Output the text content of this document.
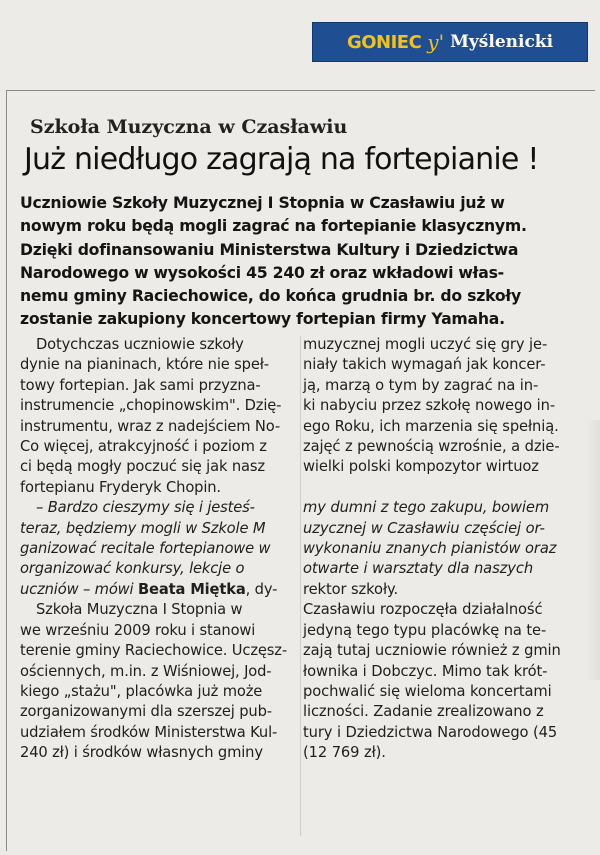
GONIEC y' Myślenicki
Szkoła Muzyczna w Czasławiu
Już niedługo zagrają na fortepianie !
Uczniowie Szkoły Muzycznej I Stopnia w Czasławiu już w
nowym roku będą mogli zagrać na fortepianie klasycznym.
Dzięki dofinansowaniu Ministerstwa Kultury i Dziedzictwa
Narodowego w wysokości 45 240 zł oraz wkładowi włas-
nemu gminy Raciechowice, do końca grudnia br. do szkoły
zostanie zakupiony koncertowy fortepian firmy Yamaha.
Dotychczas uczniowie szkoły
dynie na pianinach, które nie speł-
towy fortepian. Jak sami przyzna-
instrumencie „chopinowskim". Dzię-
instrumentu, wraz z nadejściem No-
Co więcej, atrakcyjność i poziom z
ci będą mogły poczuć się jak nasz
fortepianu Fryderyk Chopin.
– Bardzo cieszymy się i jesteś-
teraz, będziemy mogli w Szkole M
ganizować recitale fortepianowe w
organizować konkursy, lekcje o
uczniów – mówi Beata Miętka, dy-
Szkoła Muzyczna I Stopnia w
we wrześniu 2009 roku i stanowi
terenie gminy Raciechowice. Uczęsz-
ościennych, m.in. z Wiśniowej, Jod-
kiego „stażu", placówka już może
zorganizowanymi dla szerszej pub-
udziałem środków Ministerstwa Kul-
240 zł) i środków własnych gminy
muzycznej mogli uczyć się gry je-
niały takich wymagań jak koncer-
ją, marzą o tym by zagrać na in-
ki nabyciu przez szkołę nowego in-
ego Roku, ich marzenia się spełnią.
zajęć z pewnością wzrośnie, a dzie-
wielki polski kompozytor wirtuoz

my dumni z tego zakupu, bowiem
uzycznej w Czasławiu częściej or-
wykonaniu znanych pianistów oraz
otwarte i warsztaty dla naszych
rektor szkoły.
Czasławiu rozpoczęła działalność
jedyną tego typu placówkę na te-
zają tutaj uczniowie również z gmin
łownika i Dobczyc. Mimo tak krót-
pochwalić się wieloma koncertami
liczności. Zadanie zrealizowano z
tury i Dziedzictwa Narodowego (45
(12 769 zł).
